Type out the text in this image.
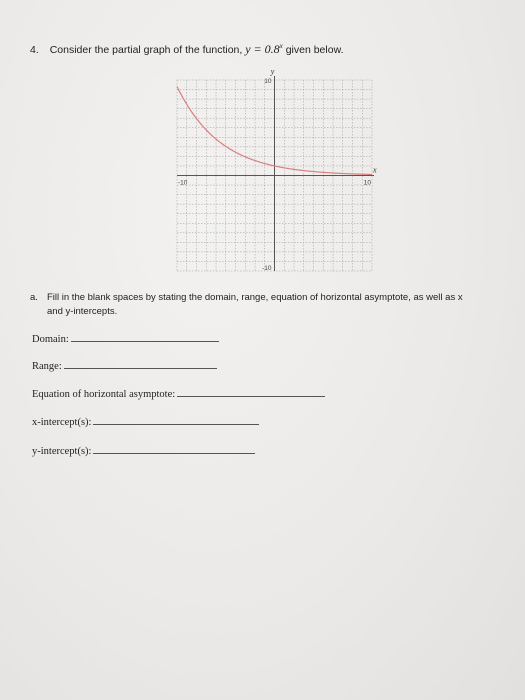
4. Consider the partial graph of the function, $y = 0.8^x$ given below.
y
x
-10	10
10
-10
a. Fill in the blank spaces by stating the domain, range, equation of horizontal asymptote, as well as x
and y-intercepts.
Domain:
Range:
Equation of horizontal asymptote:
x-intercept(s):
y-intercept(s):
